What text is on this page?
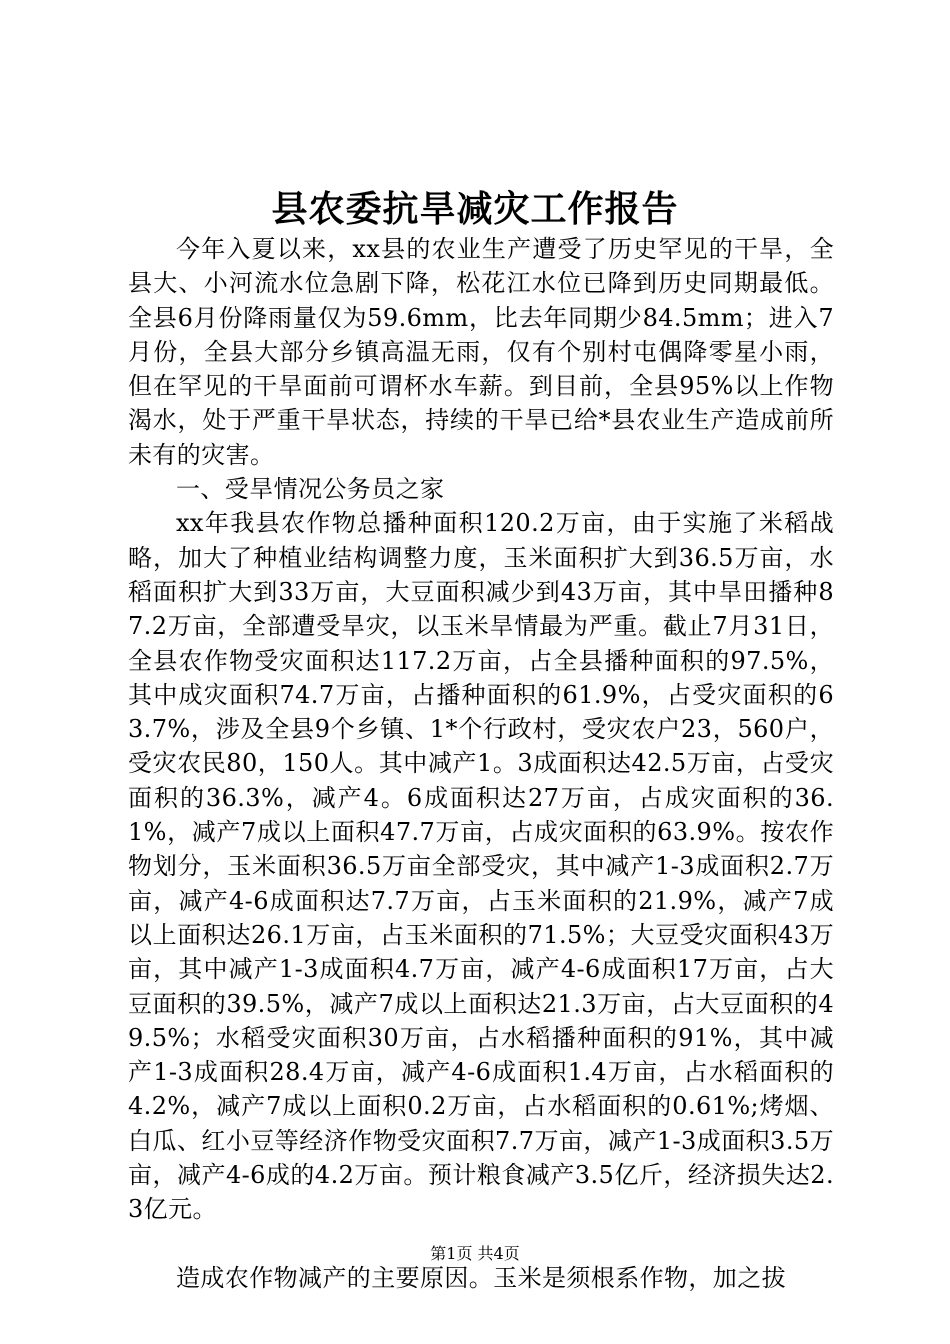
县农委抗旱减灾工作报告

今年入夏以来，xx县的农业生产遭受了历史罕见的干旱，全县大、小河流水位急剧下降，松花江水位已降到历史同期最低。全县6月份降雨量仅为59.6mm，比去年同期少84.5mm；进入7月份，全县大部分乡镇高温无雨，仅有个别村屯偶降零星小雨，但在罕见的干旱面前可谓杯水车薪。到目前，全县95%以上作物渴水，处于严重干旱状态，持续的干旱已给*县农业生产造成前所未有的灾害。

一、受旱情况公务员之家

xx年我县农作物总播种面积120.2万亩，由于实施了米稻战略，加大了种植业结构调整力度，玉米面积扩大到36.5万亩，水稻面积扩大到33万亩，大豆面积减少到43万亩，其中旱田播种87.2万亩，全部遭受旱灾，以玉米旱情最为严重。截止7月31日，全县农作物受灾面积达117.2万亩，占全县播种面积的97.5%，其中成灾面积74.7万亩，占播种面积的61.9%，占受灾面积的63.7%，涉及全县9个乡镇、1*个行政村，受灾农户23，560户，受灾农民80，150人。其中减产1。3成面积达42.5万亩，占受灾面积的36.3%，减产4。6成面积达27万亩，占成灾面积的36.1%，减产7成以上面积47.7万亩，占成灾面积的63.9%。按农作物划分，玉米面积36.5万亩全部受灾，其中减产1-3成面积2.7万亩，减产4-6成面积达7.7万亩，占玉米面积的21.9%，减产7成以上面积达26.1万亩，占玉米面积的71.5%；大豆受灾面积43万亩，其中减产1-3成面积4.7万亩，减产4-6成面积17万亩，占大豆面积的39.5%，减产7成以上面积达21.3万亩，占大豆面积的49.5%；水稻受灾面积30万亩，占水稻播种面积的91%，其中减产1-3成面积28.4万亩，减产4-6成面积1.4万亩，占水稻面积的4.2%，减产7成以上面积0.2万亩，占水稻面积的0.61%;烤烟、白瓜、红小豆等经济作物受灾面积7.7万亩，减产1-3成面积3.5万亩，减产4-6成的4.2万亩。预计粮食减产3.5亿斤，经济损失达2.3亿元。

造成农作物减产的主要原因。玉米是须根系作物，加之拔

第1页 共4页
